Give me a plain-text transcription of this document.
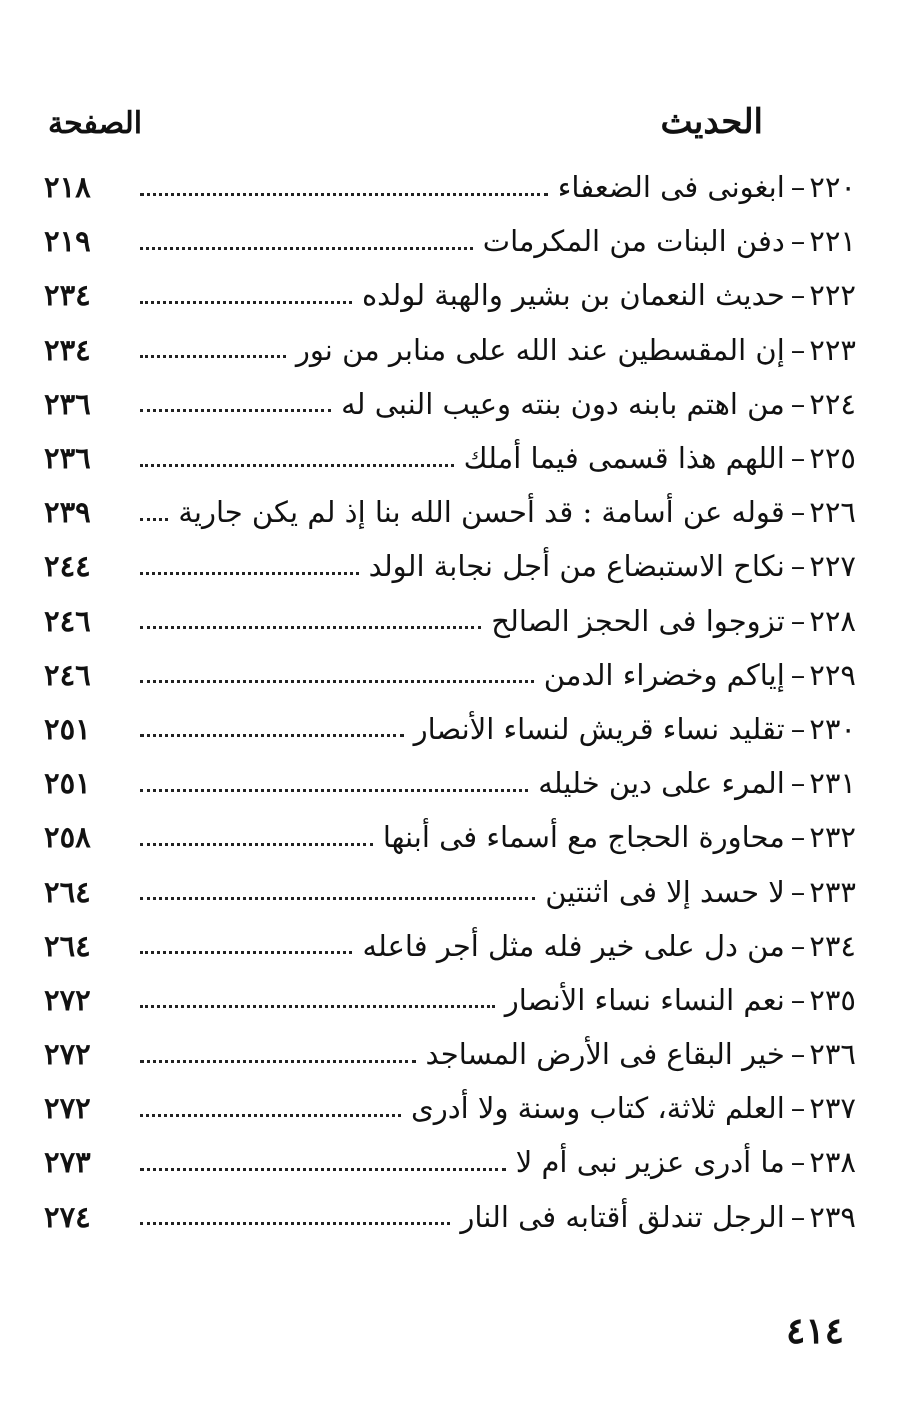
الحديث
الصفحة
٢٢٠
–
ابغونى فى الضعفاء
٢١٨
٢٢١
–
دفن البنات من المكرمات
٢١٩
٢٢٢
–
حديث النعمان بن بشير والهبة لولده
٢٣٤
٢٢٣
–
إن المقسطين عند الله على منابر من نور
٢٣٤
٢٢٤
–
من اهتم بابنه دون بنته وعيب النبى له
٢٣٦
٢٢٥
–
اللهم هذا قسمى فيما أملك
٢٣٦
٢٢٦
–
قوله عن أسامة : قد أحسن الله بنا إذ لم يكن جارية
٢٣٩
٢٢٧
–
نكاح الاستبضاع من أجل نجابة الولد
٢٤٤
٢٢٨
–
تزوجوا فى الحجز الصالح
٢٤٦
٢٢٩
–
إياكم وخضراء الدمن
٢٤٦
٢٣٠
–
تقليد نساء قريش لنساء الأنصار
٢٥١
٢٣١
–
المرء على دين خليله
٢٥١
٢٣٢
–
محاورة الحجاج مع أسماء فى أبنها
٢٥٨
٢٣٣
–
لا حسد إلا فى اثنتين
٢٦٤
٢٣٤
–
من دل على خير فله مثل أجر فاعله
٢٦٤
٢٣٥
–
نعم النساء نساء الأنصار
٢٧٢
٢٣٦
–
خير البقاع فى الأرض المساجد
٢٧٢
٢٣٧
–
العلم ثلاثة، كتاب وسنة ولا أدرى
٢٧٢
٢٣٨
–
ما أدرى عزير نبى أم لا
٢٧٣
٢٣٩
–
الرجل تندلق أقتابه فى النار
٢٧٤
٤١٤
